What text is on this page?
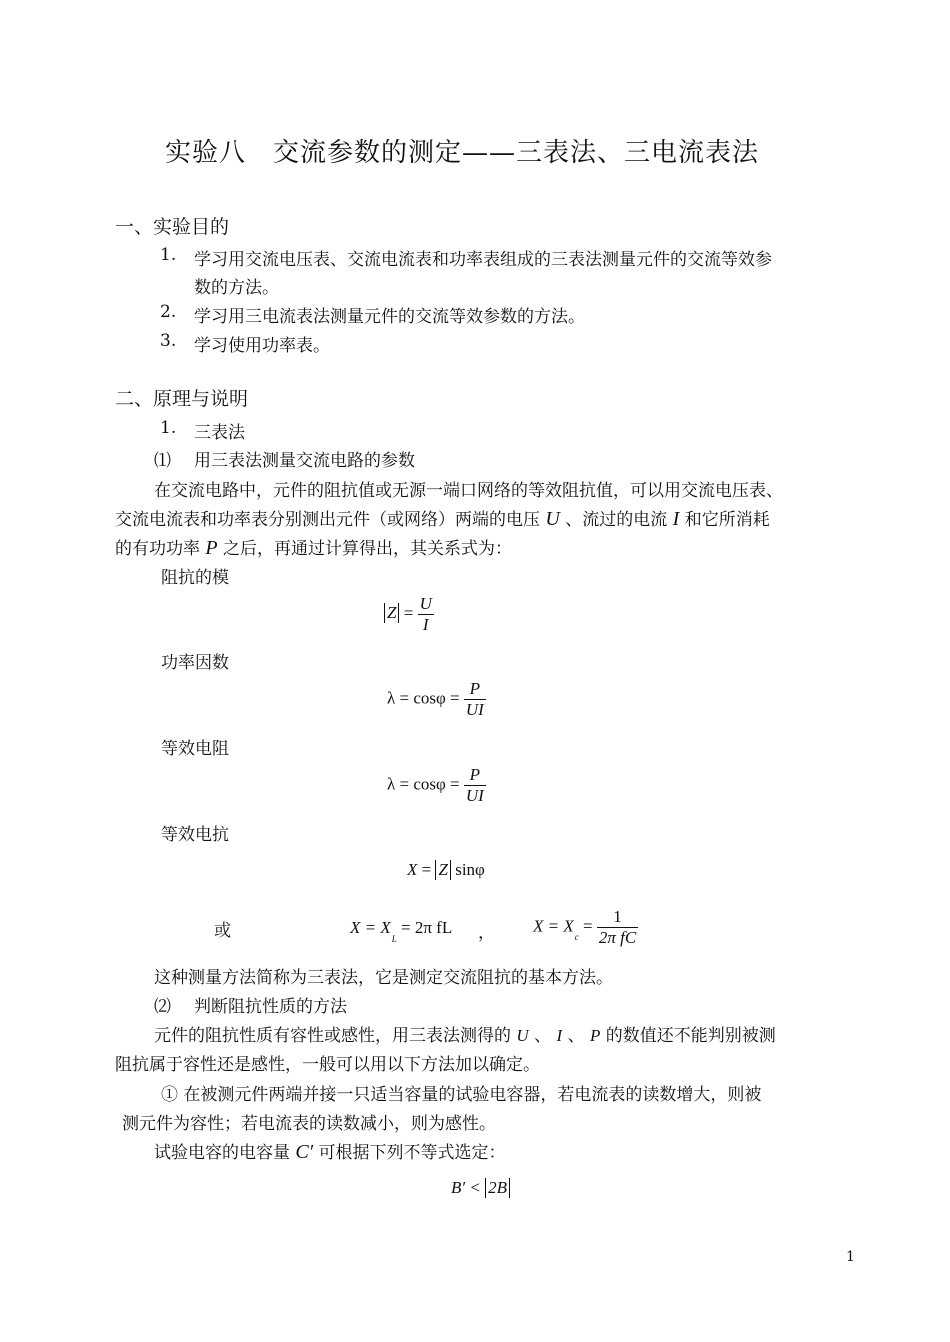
实验八　交流参数的测定——三表法、三电流表法
一、实验目的
1. 学习用交流电压表、交流电流表和功率表组成的三表法测量元件的交流等效参
数的方法。
2. 学习用三电流表法测量元件的交流等效参数的方法。
3. 学习使用功率表。
二、原理与说明
1. 三表法
⑴ 用三表法测量交流电路的参数
在交流电路中，元件的阻抗值或无源一端口网络的等效阻抗值，可以用交流电压表、
交流电流表和功率表分别测出元件（或网络）两端的电压 U 、流过的电流 I 和它所消耗
的有功功率 P 之后，再通过计算得出，其关系式为：
阻抗的模
$Z = \frac{U}{I}$
功率因数
$\lambda = \cos\varphi = \frac{P}{UI}$
等效电阻
$\lambda = \cos\varphi = \frac{P}{UI}$
等效电抗
X = Z sinφ
或	$X = X_L = 2\pi$ fL ， $X = X_c = \frac{1}{\text{2π fC}}$
这种测量方法简称为三表法，它是测定交流阻抗的基本方法。
⑵ 判断阻抗性质的方法
元件的阻抗性质有容性或感性，用三表法测得的 U 、 I 、 P 的数值还不能判别被测
阻抗属于容性还是感性，一般可以用以下方法加以确定。
① 在被测元件两端并接一只适当容量的试验电容器，若电流表的读数增大，则被
测元件为容性；若电流表的读数减小，则为感性。
试验电容的电容量 C′ 可根据下列不等式选定：
B′ < 2B
1
